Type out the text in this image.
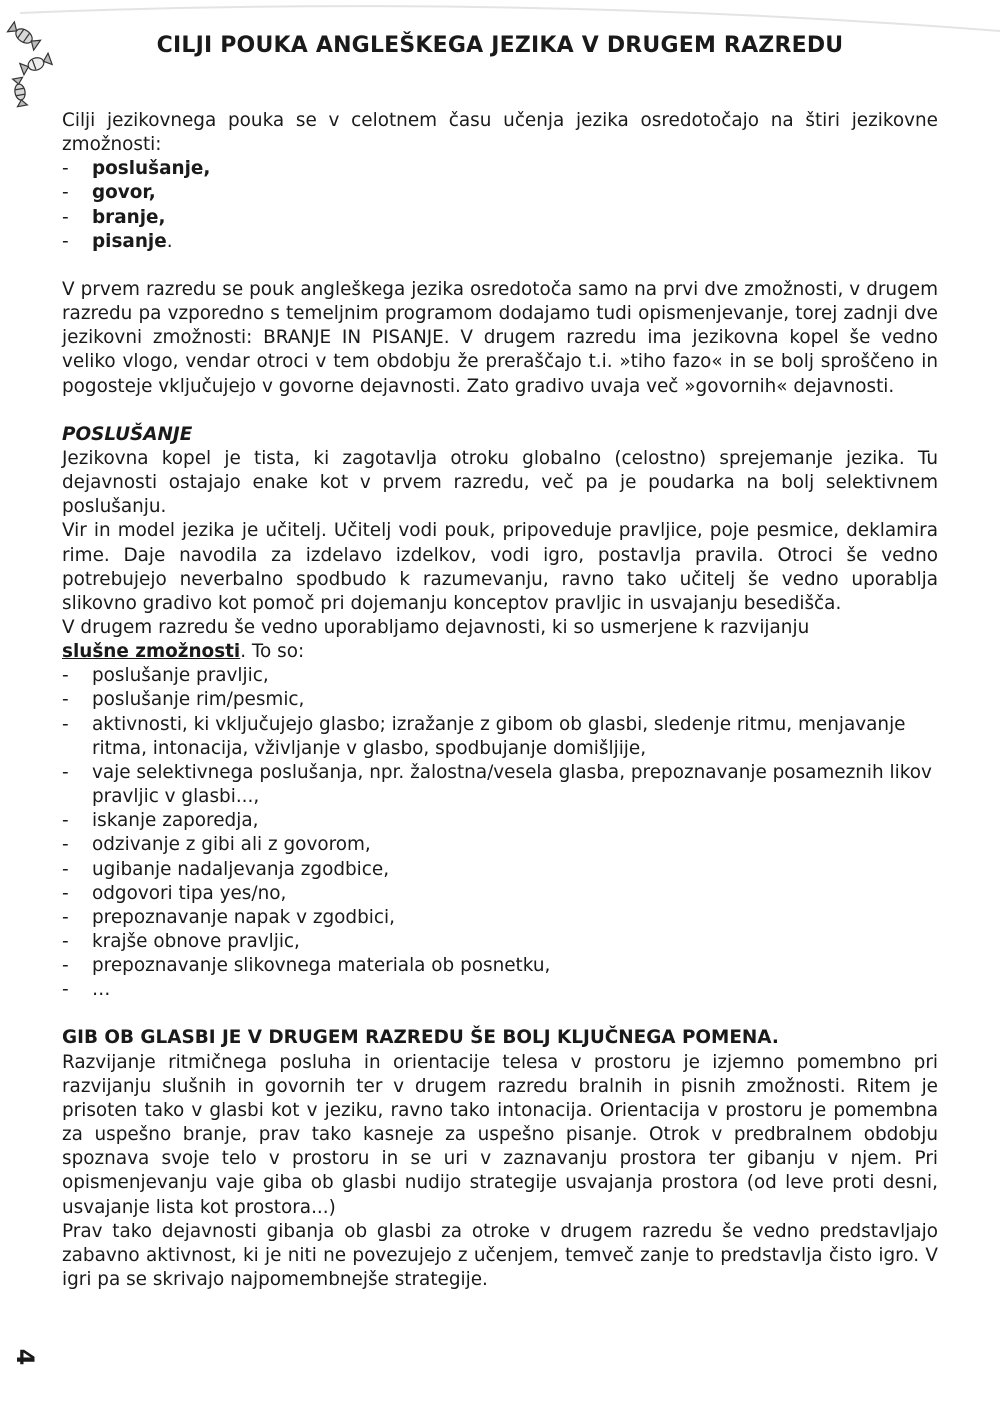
CILJI POUKA ANGLEŠKEGA JEZIKA V DRUGEM RAZREDU

Cilji jezikovnega pouka se v celotnem času učenja jezika osredotočajo na štiri jezikovne zmožnosti:

- poslušanje,
- govor,
- branje,
- pisanje.

V prvem razredu se pouk angleškega jezika osredotoča samo na prvi dve zmožnosti, v drugem razredu pa vzporedno s temeljnim programom dodajamo tudi opismenjevanje, torej zadnji dve jezikovni zmožnosti: BRANJE IN PISANJE. V drugem razredu ima jezikovna kopel še vedno veliko vlogo, vendar otroci v tem obdobju že preraščajo t.i. »tiho fazo« in se bolj sproščeno in pogosteje vključujejo v govorne dejavnosti. Zato gradivo uvaja več »govornih« dejavnosti.

POSLUŠANJE

Jezikovna kopel je tista, ki zagotavlja otroku globalno (celostno) sprejemanje jezika. Tu dejavnosti ostajajo enake kot v prvem razredu, več pa je poudarka na bolj selektivnem poslušanju.

Vir in model jezika je učitelj. Učitelj vodi pouk, pripoveduje pravljice, poje pesmice, deklamira rime. Daje navodila za izdelavo izdelkov, vodi igro, postavlja pravila. Otroci še vedno potrebujejo neverbalno spodbudo k razumevanju, ravno tako učitelj še vedno uporablja slikovno gradivo kot pomoč pri dojemanju konceptov pravljic in usvajanju besedišča.

V drugem razredu še vedno uporabljamo dejavnosti, ki so usmerjene k razvijanju
slušne zmožnosti. To so:

- poslušanje pravljic,
- poslušanje rim/pesmic,
- aktivnosti, ki vključujejo glasbo; izražanje z gibom ob glasbi, sledenje ritmu, menjavanje ritma, intonacija, vživljanje v glasbo, spodbujanje domišljije,
- vaje selektivnega poslušanja, npr. žalostna/vesela glasba, prepoznavanje posameznih likov pravljic v glasbi...,
- iskanje zaporedja,
- odzivanje z gibi ali z govorom,
- ugibanje nadaljevanja zgodbice,
- odgovori tipa yes/no,
- prepoznavanje napak v zgodbici,
- krajše obnove pravljic,
- prepoznavanje slikovnega materiala ob posnetku,
- …

GIB OB GLASBI JE V DRUGEM RAZREDU ŠE BOLJ KLJUČNEGA POMENA.

Razvijanje ritmičnega posluha in orientacije telesa v prostoru je izjemno pomembno pri razvijanju slušnih in govornih ter v drugem razredu bralnih in pisnih zmožnosti. Ritem je prisoten tako v glasbi kot v jeziku, ravno tako intonacija. Orientacija v prostoru je pomembna za uspešno branje, prav tako kasneje za uspešno pisanje. Otrok v predbralnem obdobju spoznava svoje telo v prostoru in se uri v zaznavanju prostora ter gibanju v njem. Pri opismenjevanju vaje giba ob glasbi nudijo strategije usvajanja prostora (od leve proti desni, usvajanje lista kot prostora...)

Prav tako dejavnosti gibanja ob glasbi za otroke v drugem razredu še vedno predstavljajo zabavno aktivnost, ki je niti ne povezujejo z učenjem, temveč zanje to predstavlja čisto igro. V igri pa se skrivajo najpomembnejše strategije.

4
